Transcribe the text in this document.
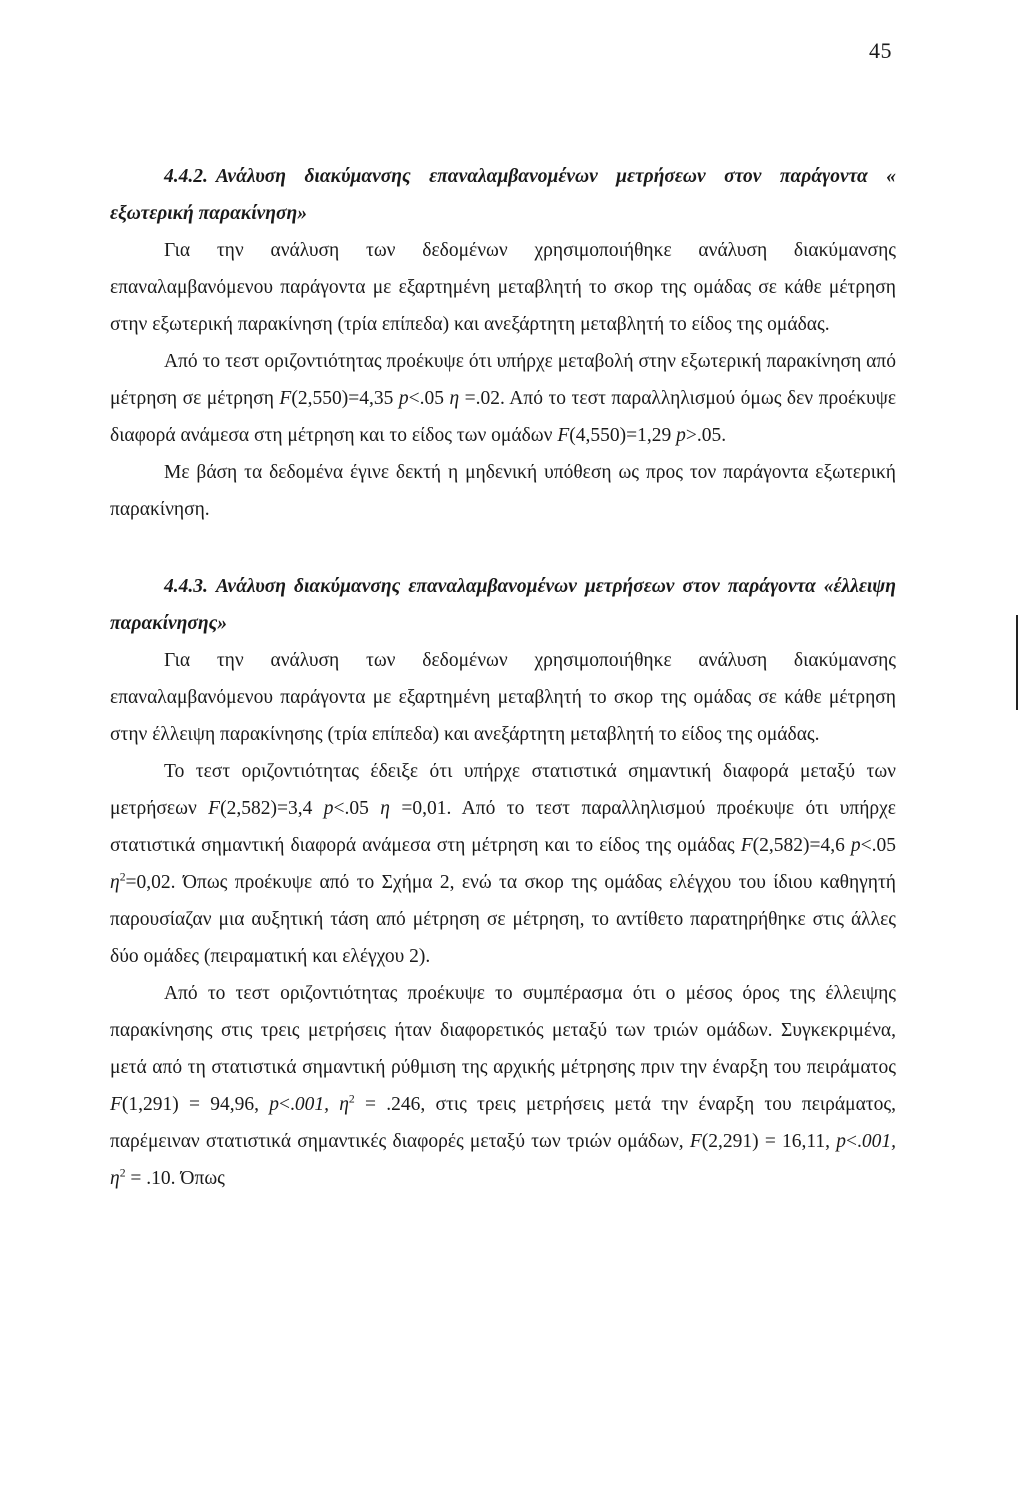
45

4.4.2. Ανάλυση διακύμανσης επαναλαμβανομένων μετρήσεων στον παράγοντα « εξωτερική παρακίνηση»

Για την ανάλυση των δεδομένων χρησιμοποιήθηκε ανάλυση διακύμανσης επαναλαμβανόμενου παράγοντα με εξαρτημένη μεταβλητή το σκορ της ομάδας σε κάθε μέτρηση στην εξωτερική παρακίνηση (τρία επίπεδα) και ανεξάρτητη μεταβλητή το είδος της ομάδας.

Από το τεστ οριζοντιότητας προέκυψε ότι υπήρχε μεταβολή στην εξωτερική παρακίνηση από μέτρηση σε μέτρηση F(2,550)=4,35 p<.05 η =.02. Από το τεστ παραλληλισμού όμως δεν προέκυψε διαφορά ανάμεσα στη μέτρηση και το είδος των ομάδων F(4,550)=1,29 p>.05.

Με βάση τα δεδομένα έγινε δεκτή η μηδενική υπόθεση ως προς τον παράγοντα εξωτερική παρακίνηση.

4.4.3. Ανάλυση διακύμανσης επαναλαμβανομένων μετρήσεων στον παράγοντα «έλλειψη παρακίνησης»

Για την ανάλυση των δεδομένων χρησιμοποιήθηκε ανάλυση διακύμανσης επαναλαμβανόμενου παράγοντα με εξαρτημένη μεταβλητή το σκορ της ομάδας σε κάθε μέτρηση στην έλλειψη παρακίνησης (τρία επίπεδα) και ανεξάρτητη μεταβλητή το είδος της ομάδας.

Το τεστ οριζοντιότητας έδειξε ότι υπήρχε στατιστικά σημαντική διαφορά μεταξύ των μετρήσεων F(2,582)=3,4 p<.05 η =0,01. Από το τεστ παραλληλισμού προέκυψε ότι υπήρχε στατιστικά σημαντική διαφορά ανάμεσα στη μέτρηση και το είδος της ομάδας F(2,582)=4,6 p<.05 $\eta^2=0,02$. Όπως προέκυψε από το Σχήμα 2, ενώ τα σκορ της ομάδας ελέγχου του ίδιου καθηγητή παρουσίαζαν μια αυξητική τάση από μέτρηση σε μέτρηση, το αντίθετο παρατηρήθηκε στις άλλες δύο ομάδες (πειραματική και ελέγχου 2).

Από το τεστ οριζοντιότητας προέκυψε το συμπέρασμα ότι ο μέσος όρος της έλλειψης παρακίνησης στις τρεις μετρήσεις ήταν διαφορετικός μεταξύ των τριών ομάδων. Συγκεκριμένα, μετά από τη στατιστικά σημαντική ρύθμιση της αρχικής μέτρησης πριν την έναρξη του πειράματος F(1,291) = 94,96, p<.001, $\eta^2 = .246$, στις τρεις μετρήσεις μετά την έναρξη του πειράματος, παρέμειναν στατιστικά σημαντικές διαφορές μεταξύ των τριών ομάδων, F(2,291) = 16,11, p<.001, $\eta^2 = .10$. Όπως
